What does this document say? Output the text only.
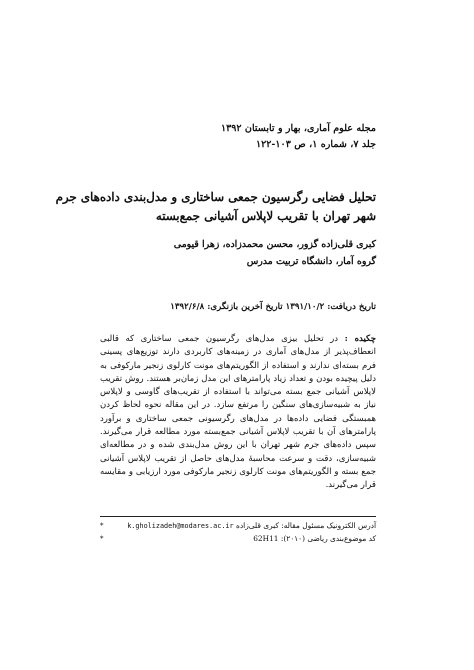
مجله علوم آماری، بهار و تابستان ۱۳۹۲
جلد ۷، شماره ۱، ص ۱۰۳-۱۲۲
تحلیل فضایی رگرسیون جمعی ساختاری و مدل‌بندی داده‌های جرم
شهر تهران با تقریب لاپلاس آشیانی جمع‌بسته
کبری قلی‌زاده گزور، محسن محمدزاده، زهرا قیومی
گروه آمار، دانشگاه تربیت مدرس
تاریخ دریافت: ۱۳۹۱/۱۰/۲ تاریخ آخرین بازنگری: ۱۳۹۲/۶/۸
چکیده : در تحلیل بیزی مدل‌های رگرسیون جمعی ساختاری که قالبی انعطاف‌پذیر از مدل‌های آماری در زمینه‌های کاربردی دارند توزیع‌های پسینی فرم بسته‌ای ندارند و استفاده از الگوریتم‌های مونت کارلوی زنجیر مارکوفی به دلیل پیچیده بودن و تعداد زیاد پارامترهای این مدل زمان‌بر هستند. روش تقریب لاپلاس آشیانی جمع بسته می‌تواند با استفاده از تقریب‌های گاوسی و لاپلاس نیاز به شبیه‌سازی‌های سنگین را مرتفع سازد. در این مقاله نحوه لحاظ کردن همبستگی فضایی داده‌ها در مدل‌های رگرسیونی جمعی ساختاری و برآورد پارامترهای آن با تقریب لاپلاس آشیانی جمع‌بسته مورد مطالعه قرار می‌گیرند. سپس داده‌های جرم شهر تهران با این روش مدل‌بندی شده و در مطالعه‌ای شبیه‌سازی، دقت و سرعت محاسبهٔ مدل‌های حاصل از تقریب لاپلاس آشیانی جمع بسته و الگوریتم‌های مونت کارلوی زنجیر مارکوفی مورد ارزیابی و مقایسه قرار می‌گیرند.
*	k.gholizadeh@modares.ac.ir آدرس الکترونیک مسئول مقاله: کبری قلی‌زاده
*	کد موضوع‌بندی ریاضی (۲۰۱۰): 62H11
